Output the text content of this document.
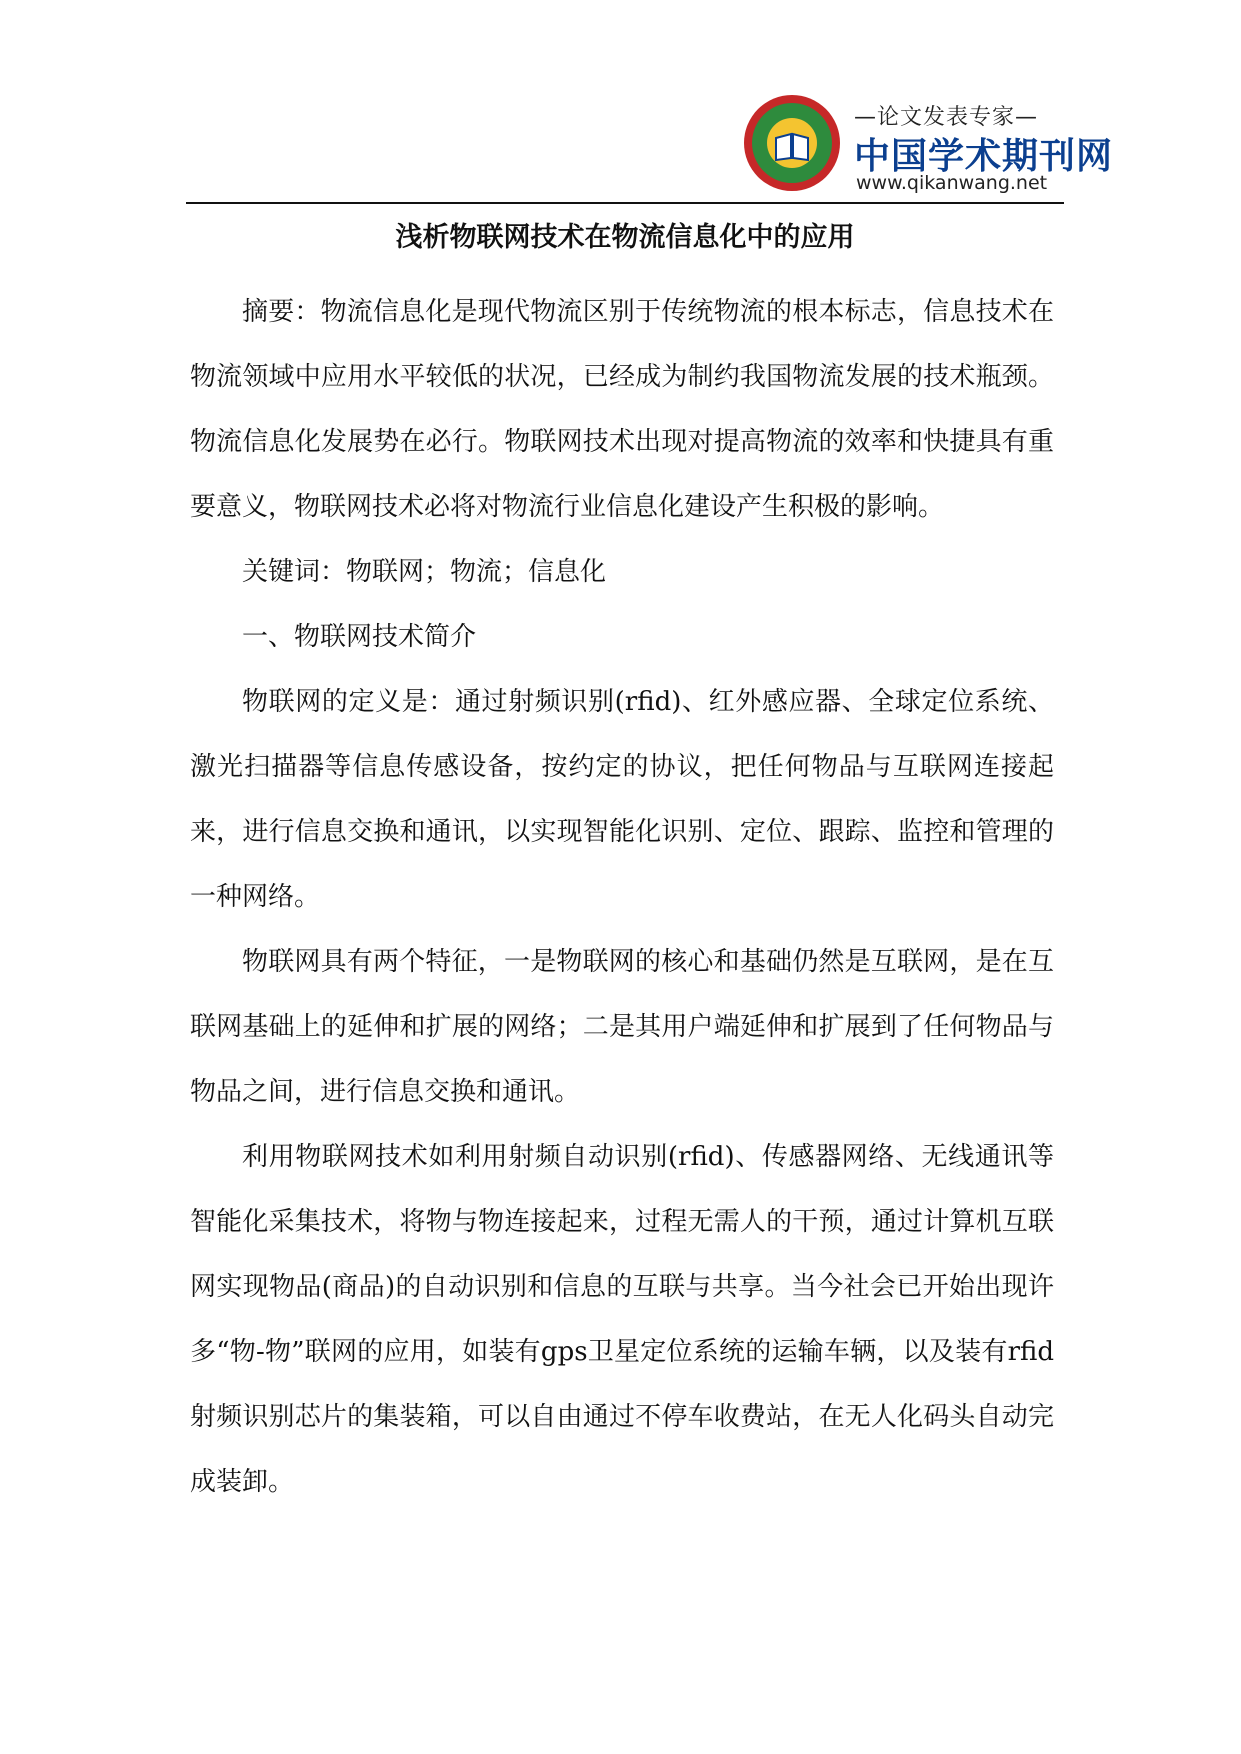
—论文发表专家—
中国学术期刊网
www.qikanwang.net
浅析物联网技术在物流信息化中的应用

摘要：物流信息化是现代物流区别于传统物流的根本标志，信息技术在物流领域中应用水平较低的状况，已经成为制约我国物流发展的技术瓶颈。物流信息化发展势在必行。物联网技术出现对提高物流的效率和快捷具有重要意义，物联网技术必将对物流行业信息化建设产生积极的影响。

关键词：物联网；物流；信息化

一、物联网技术简介

物联网的定义是：通过射频识别(rfid)、红外感应器、全球定位系统、激光扫描器等信息传感设备，按约定的协议，把任何物品与互联网连接起来，进行信息交换和通讯，以实现智能化识别、定位、跟踪、监控和管理的一种网络。

物联网具有两个特征，一是物联网的核心和基础仍然是互联网，是在互联网基础上的延伸和扩展的网络；二是其用户端延伸和扩展到了任何物品与物品之间，进行信息交换和通讯。

利用物联网技术如利用射频自动识别(rfid)、传感器网络、无线通讯等智能化采集技术，将物与物连接起来，过程无需人的干预，通过计算机互联网实现物品(商品)的自动识别和信息的互联与共享。当今社会已开始出现许多“物-物”联网的应用，如装有gps卫星定位系统的运输车辆，以及装有rfid射频识别芯片的集装箱，可以自由通过不停车收费站，在无人化码头自动完成装卸。
